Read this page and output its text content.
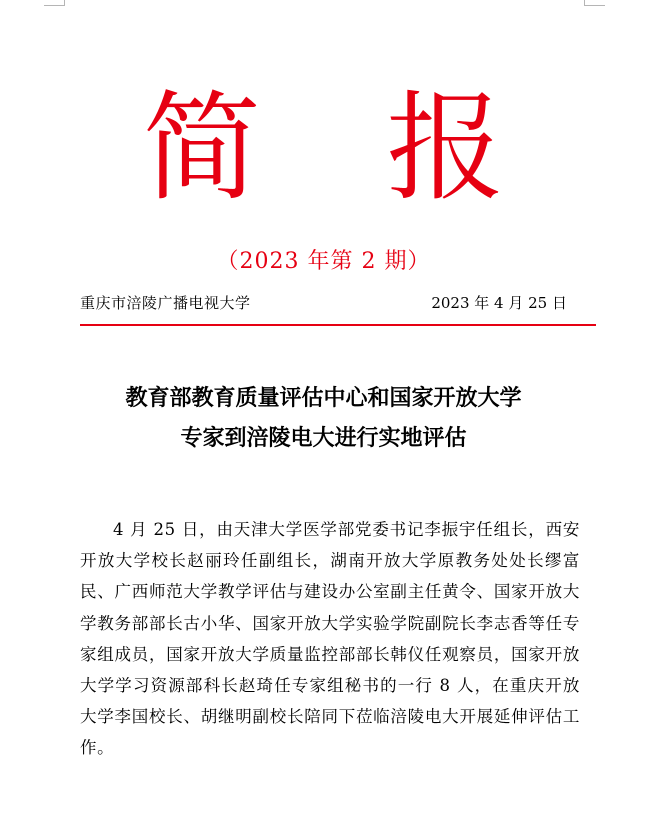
简 报
（2023 年第 2 期）
重庆市涪陵广播电视大学	2023 年 4 月 25 日
教育部教育质量评估中心和国家开放大学
专家到涪陵电大进行实地评估
4 月 25 日，由天津大学医学部党委书记李振宇任组长，西安开放大学校长赵丽玲任副组长，湖南开放大学原教务处处长缪富民、广西师范大学教学评估与建设办公室副主任黄令、国家开放大学教务部部长古小华、国家开放大学实验学院副院长李志香等任专家组成员，国家开放大学质量监控部部长韩仪任观察员，国家开放大学学习资源部科长赵琦任专家组秘书的一行 8 人，在重庆开放大学李国校长、胡继明副校长陪同下莅临涪陵电大开展延伸评估工作。
